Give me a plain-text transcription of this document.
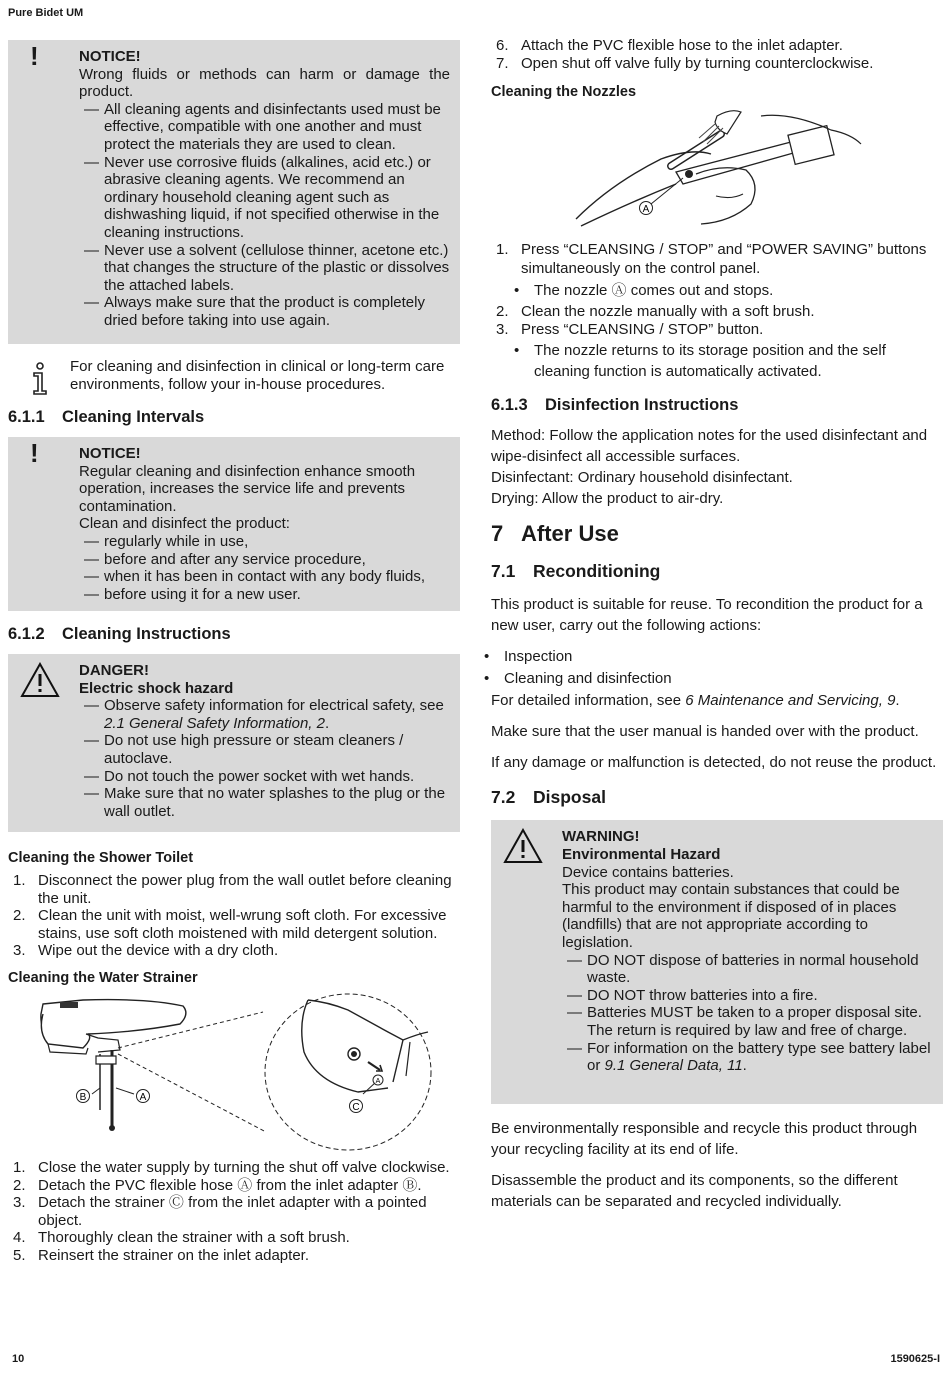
Pure Bidet UM
!	NOTICE!
Wrong fluids or methods can harm or damage the product.
— All cleaning agents and disinfectants used must be effective, compatible with one another and must protect the materials they are used to clean.
— Never use corrosive fluids (alkalines, acid etc.) or abrasive cleaning agents. We recommend an ordinary household cleaning agent such as dishwashing liquid, if not specified otherwise in the cleaning instructions.
— Never use a solvent (cellulose thinner, acetone etc.) that changes the structure of the plastic or dissolves the attached labels.
— Always make sure that the product is completely dried before taking into use again.
For cleaning and disinfection in clinical or long-term care environments, follow your in-house procedures.
6.1.1 Cleaning Intervals
!	NOTICE!
Regular cleaning and disinfection enhance smooth operation, increases the service life and prevents contamination.
Clean and disinfect the product:
— regularly while in use,
— before and after any service procedure,
— when it has been in contact with any body fluids,
— before using it for a new user.
6.1.2 Cleaning Instructions
DANGER!
Electric shock hazard
— Observe safety information for electrical safety, see 2.1 General Safety Information, 2.
— Do not use high pressure or steam cleaners / autoclave.
— Do not touch the power socket with wet hands.
— Make sure that no water splashes to the plug or the wall outlet.
Cleaning the Shower Toilet
1. Disconnect the power plug from the wall outlet before cleaning the unit.
2. Clean the unit with moist, well-wrung soft cloth. For excessive stains, use soft cloth moistened with mild detergent solution.
3. Wipe out the device with a dry cloth.
Cleaning the Water Strainer
B	A
A
C
1. Close the water supply by turning the shut off valve clockwise.
2. Detach the PVC flexible hose Ⓐ from the inlet adapter Ⓑ.
3. Detach the strainer Ⓒ from the inlet adapter with a pointed object.
4. Thoroughly clean the strainer with a soft brush.
5. Reinsert the strainer on the inlet adapter.
6. Attach the PVC flexible hose to the inlet adapter.
7. Open shut off valve fully by turning counterclockwise.
Cleaning the Nozzles
A
1. Press “CLEANSING / STOP” and “POWER SAVING” buttons simultaneously on the control panel.
• The nozzle Ⓐ comes out and stops.
2. Clean the nozzle manually with a soft brush.
3. Press “CLEANSING / STOP” button.
• The nozzle returns to its storage position and the self cleaning function is automatically activated.
6.1.3 Disinfection Instructions

Method: Follow the application notes for the used disinfectant and wipe-disinfect all accessible surfaces.

Disinfectant: Ordinary household disinfectant.

Drying: Allow the product to air-dry.

7 After Use
7.1 Reconditioning

This product is suitable for reuse. To recondition the product for a new user, carry out the following actions:

• Inspection
• Cleaning and disinfection

For detailed information, see 6 Maintenance and Servicing, 9.

Make sure that the user manual is handed over with the product.

If any damage or malfunction is detected, do not reuse the product.

7.2 Disposal
WARNING!
Environmental Hazard
Device contains batteries.
This product may contain substances that could be harmful to the environment if disposed of in places (landfills) that are not appropriate according to legislation.
— DO NOT dispose of batteries in normal household waste.
— DO NOT throw batteries into a fire.
— Batteries MUST be taken to a proper disposal site. The return is required by law and free of charge.
— For information on the battery type see battery label or 9.1 General Data, 11.

Be environmentally responsible and recycle this product through your recycling facility at its end of life.

Disassemble the product and its components, so the different materials can be separated and recycled individually.

10	1590625-I
